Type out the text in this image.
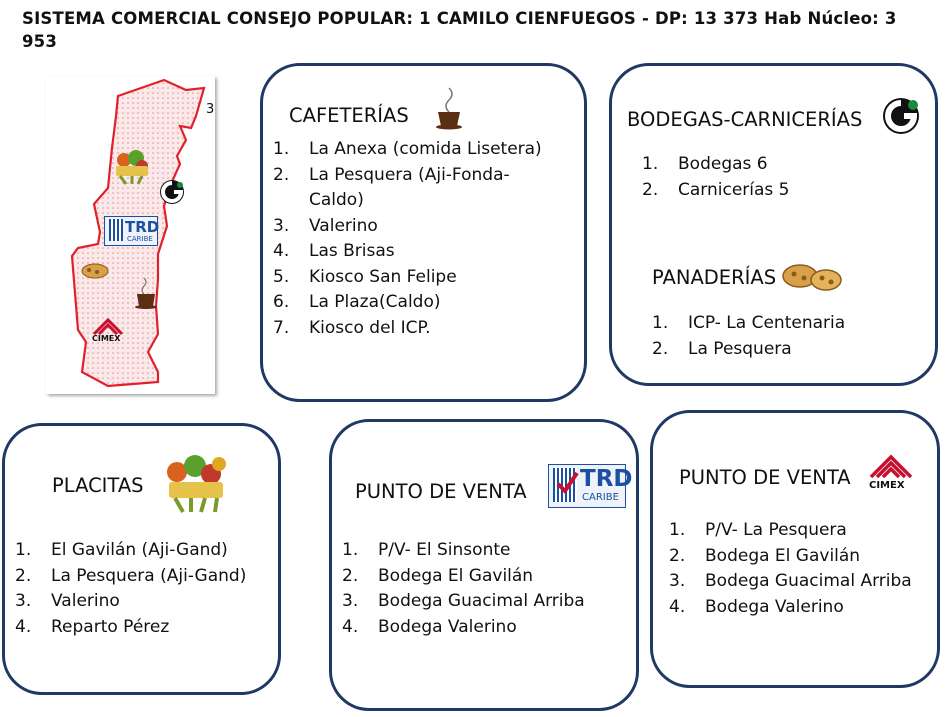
SISTEMA COMERCIAL CONSEJO POPULAR: 1 CAMILO CIENFUEGOS - DP: 13 373 Hab Núcleo: 3 953
3
TRD
CARIBE
CIMEX
CAFETERÍAS
1.	La Anexa (comida Lisetera)
2.	La Pesquera (Aji-Fonda-Caldo)
3.	Valerino
4.	Las Brisas
5.	Kiosco San Felipe
6.	La Plaza(Caldo)
7.	Kiosco del ICP.
BODEGAS-CARNICERÍAS
1.	Bodegas 6
2.	Carnicerías 5
PANADERÍAS
1.	ICP- La Centenaria
2.	La Pesquera
PLACITAS
1.	El Gavilán (Aji-Gand)
2.	La Pesquera (Aji-Gand)
3.	Valerino
4.	Reparto Pérez
PUNTO DE VENTA TRD
CARIBE
1.	P/V- El Sinsonte
2.	Bodega El Gavilán
3.	Bodega Guacimal Arriba
4.	Bodega Valerino
PUNTO DE VENTA CIMEX
1.	P/V- La Pesquera
2.	Bodega El Gavilán
3.	Bodega Guacimal Arriba
4.	Bodega Valerino
